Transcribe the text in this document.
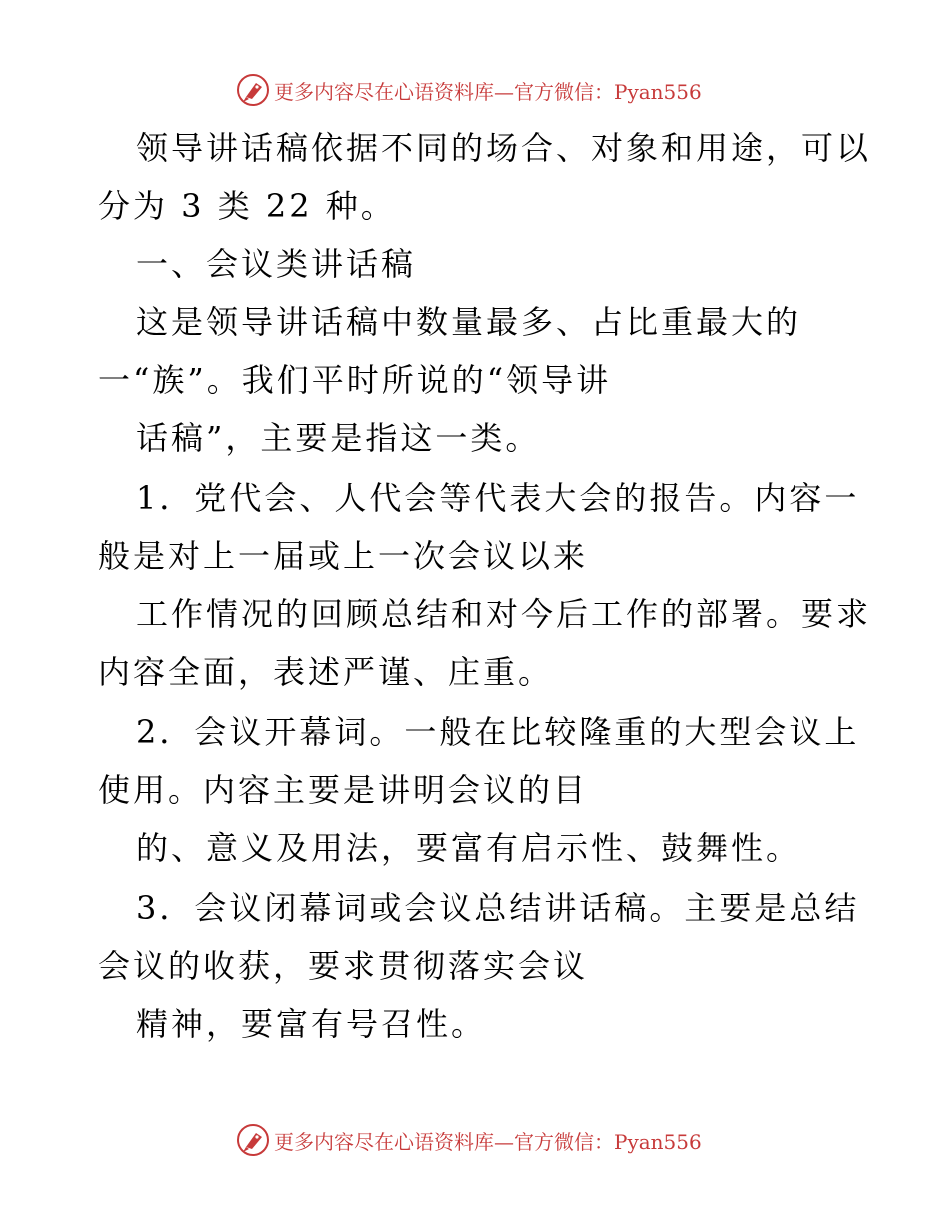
更多内容尽在心语资料库—官方微信：Pyan556
领导讲话稿依据不同的场合、对象和用途，可以
分为 3 类 22 种。
一、会议类讲话稿
这是领导讲话稿中数量最多、占比重最大的
一“族”。我们平时所说的“领导讲
话稿”，主要是指这一类。
1．党代会、人代会等代表大会的报告。内容一
般是对上一届或上一次会议以来
工作情况的回顾总结和对今后工作的部署。要求
内容全面，表述严谨、庄重。
2．会议开幕词。一般在比较隆重的大型会议上
使用。内容主要是讲明会议的目
的、意义及用法，要富有启示性、鼓舞性。
3．会议闭幕词或会议总结讲话稿。主要是总结
会议的收获，要求贯彻落实会议
精神，要富有号召性。
更多内容尽在心语资料库—官方微信：Pyan556
